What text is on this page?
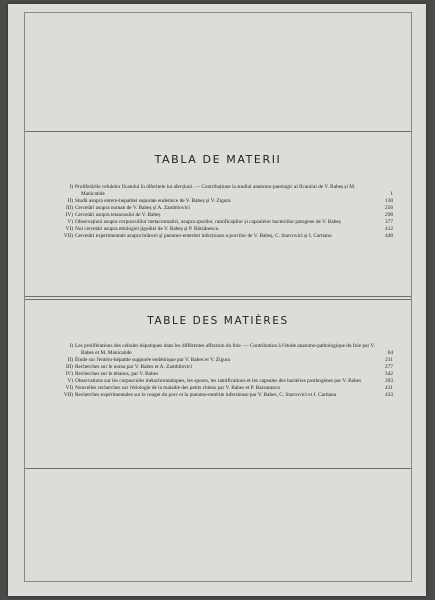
TABLA DE MATERII
I) Proliferările celulelor ficatului în diferitele lui afecțiuni. — Contribuțiune la studiul anatomo-patologic al ficatului de V. Babeș și M. Manicatide	1
II) Studii asupra entero-hepatitei supurate endemice de V. Babeș și V. Zigura	130
III) Cercetări asupra noman de V. Babeș și A. Zambilovici	256
IV) Cercetări asupra tetanosului de V. Babeș	298
V) Observațiuni asupra corpusculilor metacromatici, asupra sporilor, ramificațiilor și capsulelor bacteriilor patogene de V. Babeș	377
VI) Noi cercetări asupra etiologiei jigodiei de V. Babeș și P. Bărzănescu	412
VII) Cercetări experimentale asupra brâncei și pneumo-enteritei infecțioase a porcilor de V. Babeș, C. Starcovici și I. Cartianu	448
TABLE DES MATIÈRES
I) Les proliférations des cellules hépatiques dans les différentes affection du foie. — Contribution à l'étude anatomo-pathologique du foie par V. Babes et M. Manicatide	64
II) Étude sur l'entéro-hépatite suppurée endémique par V. Babes et V. Zigura	211
III) Recherches sur le noma par V. Babes et A. Zambilovici	277
IV) Recherches sur le tétanos, par V. Babes	342
V) Observations sur les corpuscules métachromatiques, les spores, les ramifications et les capsules des bactéries porthogènes par V. Babes	393
VI) Nouvelles recherches sur l'étiologie de la maladie des petits chiens par V. Babes et P. Barzanesco	431
VII) Recherches expérimentales sur le rouget du porc et la pneumo-entérite infectieuse par V. Babes, C. Starcovici et J. Cartianu	433
